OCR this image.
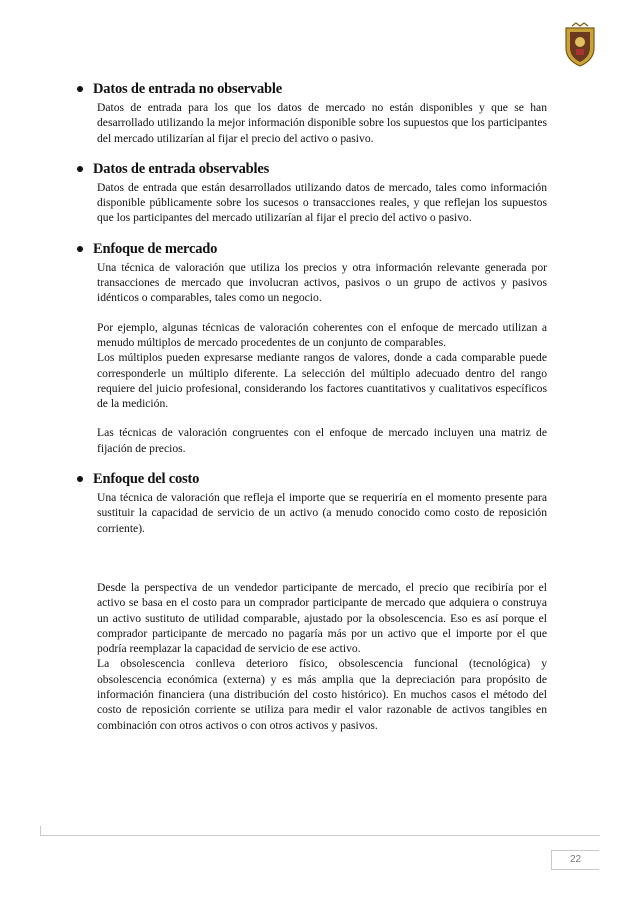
Datos de entrada no observable

Datos de entrada para los que los datos de mercado no están disponibles y que se han desarrollado utilizando la mejor información disponible sobre los supuestos que los participantes del mercado utilizarían al fijar el precio del activo o pasivo.

Datos de entrada observables

Datos de entrada que están desarrollados utilizando datos de mercado, tales como información disponible públicamente sobre los sucesos o transacciones reales, y que reflejan los supuestos que los participantes del mercado utilizarían al fijar el precio del activo o pasivo.

Enfoque de mercado

Una técnica de valoración que utiliza los precios y otra información relevante generada por transacciones de mercado que involucran activos, pasivos o un grupo de activos y pasivos idénticos o comparables, tales como un negocio.

Por ejemplo, algunas técnicas de valoración coherentes con el enfoque de mercado utilizan a menudo múltiplos de mercado procedentes de un conjunto de comparables.

Los múltiplos pueden expresarse mediante rangos de valores, donde a cada comparable puede corresponderle un múltiplo diferente. La selección del múltiplo adecuado dentro del rango requiere del juicio profesional, considerando los factores cuantitativos y cualitativos específicos de la medición.

Las técnicas de valoración congruentes con el enfoque de mercado incluyen una matriz de fijación de precios.

Enfoque del costo

Una técnica de valoración que refleja el importe que se requeriría en el momento presente para sustituir la capacidad de servicio de un activo (a menudo conocido como costo de reposición corriente).

Desde la perspectiva de un vendedor participante de mercado, el precio que recibiría por el activo se basa en el costo para un comprador participante de mercado que adquiera o construya un activo sustituto de utilidad comparable, ajustado por la obsolescencia. Eso es así porque el comprador participante de mercado no pagaría más por un activo que el importe por el que podría reemplazar la capacidad de servicio de ese activo.

La obsolescencia conlleva deterioro físico, obsolescencia funcional (tecnológica) y obsolescencia económica (externa) y es más amplia que la depreciación para propósito de información financiera (una distribución del costo histórico). En muchos casos el método del costo de reposición corriente se utiliza para medir el valor razonable de activos tangibles en combinación con otros activos o con otros activos y pasivos.

22
